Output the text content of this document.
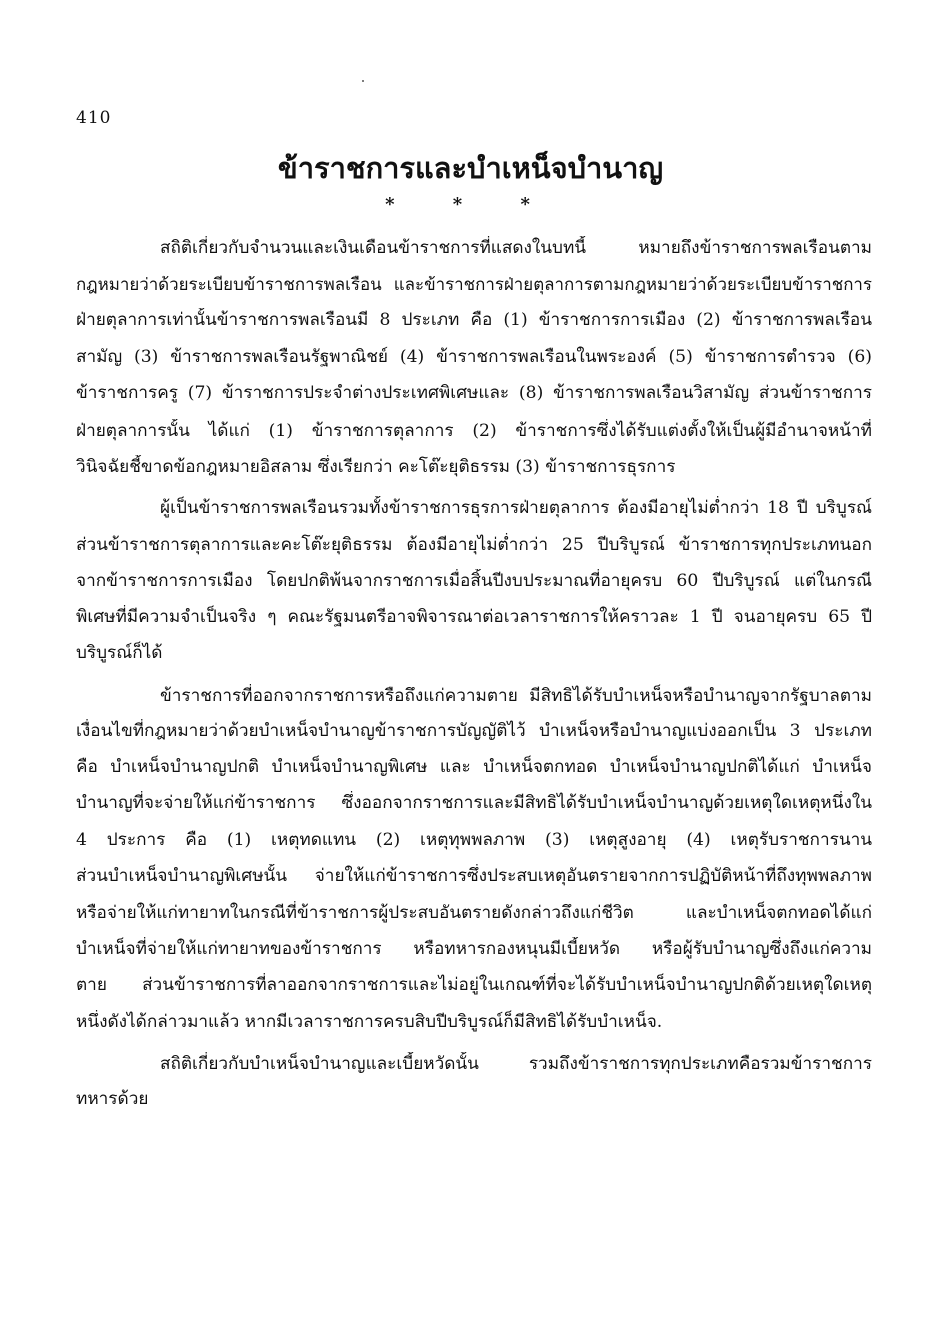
410
ข้าราชการและบำเหน็จบำนาญ
* * *
สถิติเกี่ยวกับจำนวนและเงินเดือนข้าราชการที่แสดงในบทนี้ หมายถึงข้าราชการพลเรือนตาม
กฎหมายว่าด้วยระเบียบข้าราชการพลเรือน และข้าราชการฝ่ายตุลาการตามกฎหมายว่าด้วยระเบียบข้าราชการ
ฝ่ายตุลาการเท่านั้นข้าราชการพลเรือนมี 8 ประเภท คือ (1) ข้าราชการการเมือง (2) ข้าราชการพลเรือน
สามัญ (3) ข้าราชการพลเรือนรัฐพาณิชย์ (4) ข้าราชการพลเรือนในพระองค์ (5) ข้าราชการตำรวจ (6)
ข้าราชการครู (7) ข้าราชการประจำต่างประเทศพิเศษและ (8) ข้าราชการพลเรือนวิสามัญ ส่วนข้าราชการ
ฝ่ายตุลาการนั้น ได้แก่ (1) ข้าราชการตุลาการ (2) ข้าราชการซึ่งได้รับแต่งตั้งให้เป็นผู้มีอำนาจหน้าที่
วินิจฉัยชี้ขาดข้อกฎหมายอิสลาม ซึ่งเรียกว่า คะโต๊ะยุติธรรม (3) ข้าราชการธุรการ
ผู้เป็นข้าราชการพลเรือนรวมทั้งข้าราชการธุรการฝ่ายตุลาการ ต้องมีอายุไม่ต่ำกว่า 18 ปี บริบูรณ์
ส่วนข้าราชการตุลาการและคะโต๊ะยุติธรรม ต้องมีอายุไม่ต่ำกว่า 25 ปีบริบูรณ์ ข้าราชการทุกประเภทนอก
จากข้าราชการการเมือง โดยปกติพ้นจากราชการเมื่อสิ้นปีงบประมาณที่อายุครบ 60 ปีบริบูรณ์ แต่ในกรณี
พิเศษที่มีความจำเป็นจริง ๆ คณะรัฐมนตรีอาจพิจารณาต่อเวลาราชการให้คราวละ 1 ปี จนอายุครบ 65 ปี
บริบูรณ์ก็ได้
ข้าราชการที่ออกจากราชการหรือถึงแก่ความตาย มีสิทธิได้รับบำเหน็จหรือบำนาญจากรัฐบาลตาม
เงื่อนไขที่กฎหมายว่าด้วยบำเหน็จบำนาญข้าราชการบัญญัติไว้ บำเหน็จหรือบำนาญแบ่งออกเป็น 3 ประเภท
คือ บำเหน็จบำนาญปกติ บำเหน็จบำนาญพิเศษ และ บำเหน็จตกทอด บำเหน็จบำนาญปกติได้แก่ บำเหน็จ
บำนาญที่จะจ่ายให้แก่ข้าราชการ ซึ่งออกจากราชการและมีสิทธิได้รับบำเหน็จบำนาญด้วยเหตุใดเหตุหนึ่งใน
4 ประการ คือ (1) เหตุทดแทน (2) เหตุทุพพลภาพ (3) เหตุสูงอายุ (4) เหตุรับราชการนาน
ส่วนบำเหน็จบำนาญพิเศษนั้น จ่ายให้แก่ข้าราชการซึ่งประสบเหตุอันตรายจากการปฏิบัติหน้าที่ถึงทุพพลภาพ
หรือจ่ายให้แก่ทายาทในกรณีที่ข้าราชการผู้ประสบอันตรายดังกล่าวถึงแก่ชีวิต และบำเหน็จตกทอดได้แก่
บำเหน็จที่จ่ายให้แก่ทายาทของข้าราชการ หรือทหารกองหนุนมีเบี้ยหวัด หรือผู้รับบำนาญซึ่งถึงแก่ความ
ตาย ส่วนข้าราชการที่ลาออกจากราชการและไม่อยู่ในเกณฑ์ที่จะได้รับบำเหน็จบำนาญปกติด้วยเหตุใดเหตุ
หนึ่งดังได้กล่าวมาแล้ว หากมีเวลาราชการครบสิบปีบริบูรณ์ก็มีสิทธิได้รับบำเหน็จ.
สถิติเกี่ยวกับบำเหน็จบำนาญและเบี้ยหวัดนั้น รวมถึงข้าราชการทุกประเภทคือรวมข้าราชการ
ทหารด้วย
